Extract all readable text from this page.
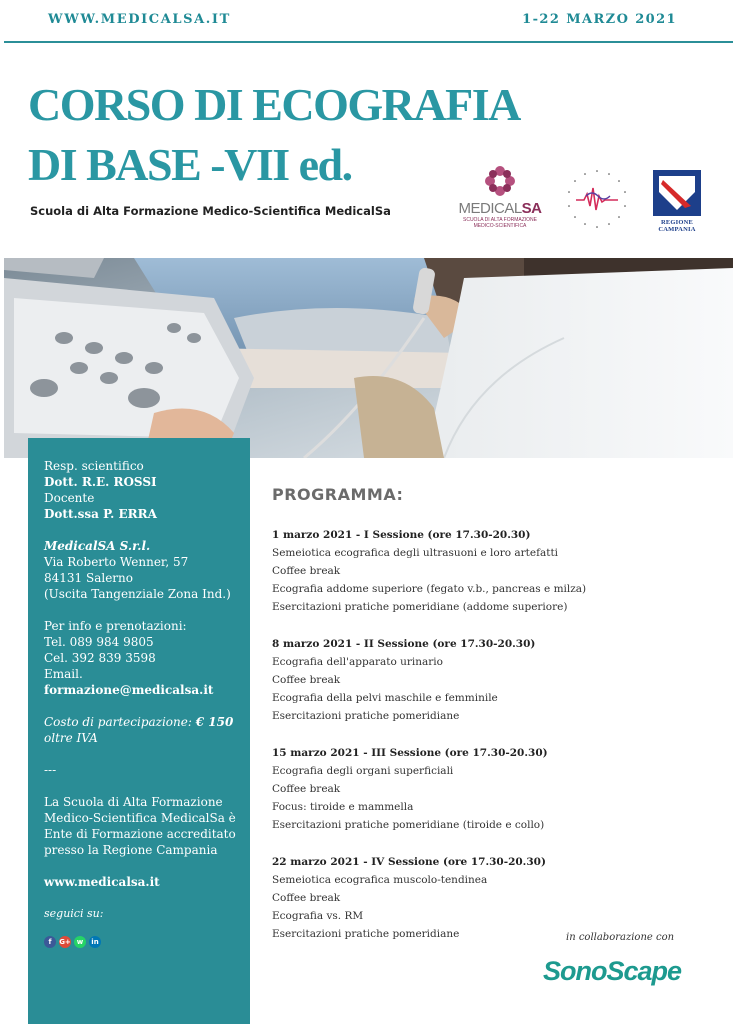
WWW.MEDICALSA.IT	1-22 MARZO 2021
CORSO DI ECOGRAFIA
DI BASE -VII ed.
Scuola di Alta Formazione Medico-Scientifica MedicalSa	MEDICALSA
SCUOLA DI ALTA FORMAZIONE
MEDICO-SCIENTIFICA	REGIONE CAMPANIA
Resp. scientifico
Dott. R.E. ROSSI
Docente
Dott.ssa P. ERRA
MedicalSA S.r.l.
Via Roberto Wenner, 57
84131 Salerno
(Uscita Tangenziale Zona Ind.)
Per info e prenotazioni:
Tel. 089 984 9805
Cel. 392 839 3598
Email. formazione@medicalsa.it
Costo di partecipazione: € 150
oltre IVA
---
La Scuola di Alta Formazione
Medico-Scientifica MedicalSa è
Ente di Formazione accreditato
presso la Regione Campania
www.medicalsa.it
seguici su:
f	G+ w	in
PROGRAMMA:
1 marzo 2021 - I Sessione (ore 17.30-20.30)
Semeiotica ecografica degli ultrasuoni e loro artefatti
Coffee break
Ecografia addome superiore (fegato v.b., pancreas e milza)
Esercitazioni pratiche pomeridiane (addome superiore)
8 marzo 2021 - II Sessione (ore 17.30-20.30)
Ecografia dell'apparato urinario
Coffee break
Ecografia della pelvi maschile e femminile
Esercitazioni pratiche pomeridiane
15 marzo 2021 - III Sessione (ore 17.30-20.30)
Ecografia degli organi superficiali
Coffee break
Focus: tiroide e mammella
Esercitazioni pratiche pomeridiane (tiroide e collo)
22 marzo 2021 - IV Sessione (ore 17.30-20.30)
Semeiotica ecografica muscolo-tendinea
Coffee break
Ecografia vs. RM
Esercitazioni pratiche pomeridiane	in collaborazione con
SonoScape
